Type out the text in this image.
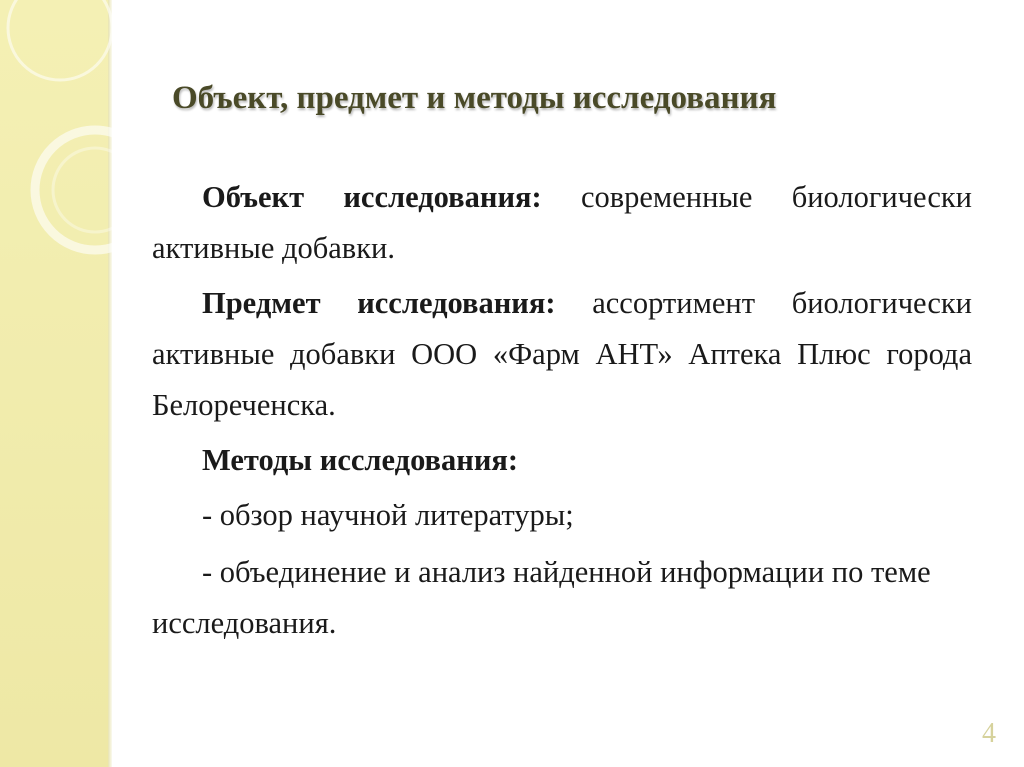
Объект, предмет и методы исследования

Объект исследования: современные биологически активные добавки.

Предмет исследования: ассортимент биологически активные добавки ООО «Фарм АНТ» Аптека Плюс города Белореченска.

Методы исследования:

- обзор научной литературы;

- объединение и анализ найденной информации по теме исследования.

4
